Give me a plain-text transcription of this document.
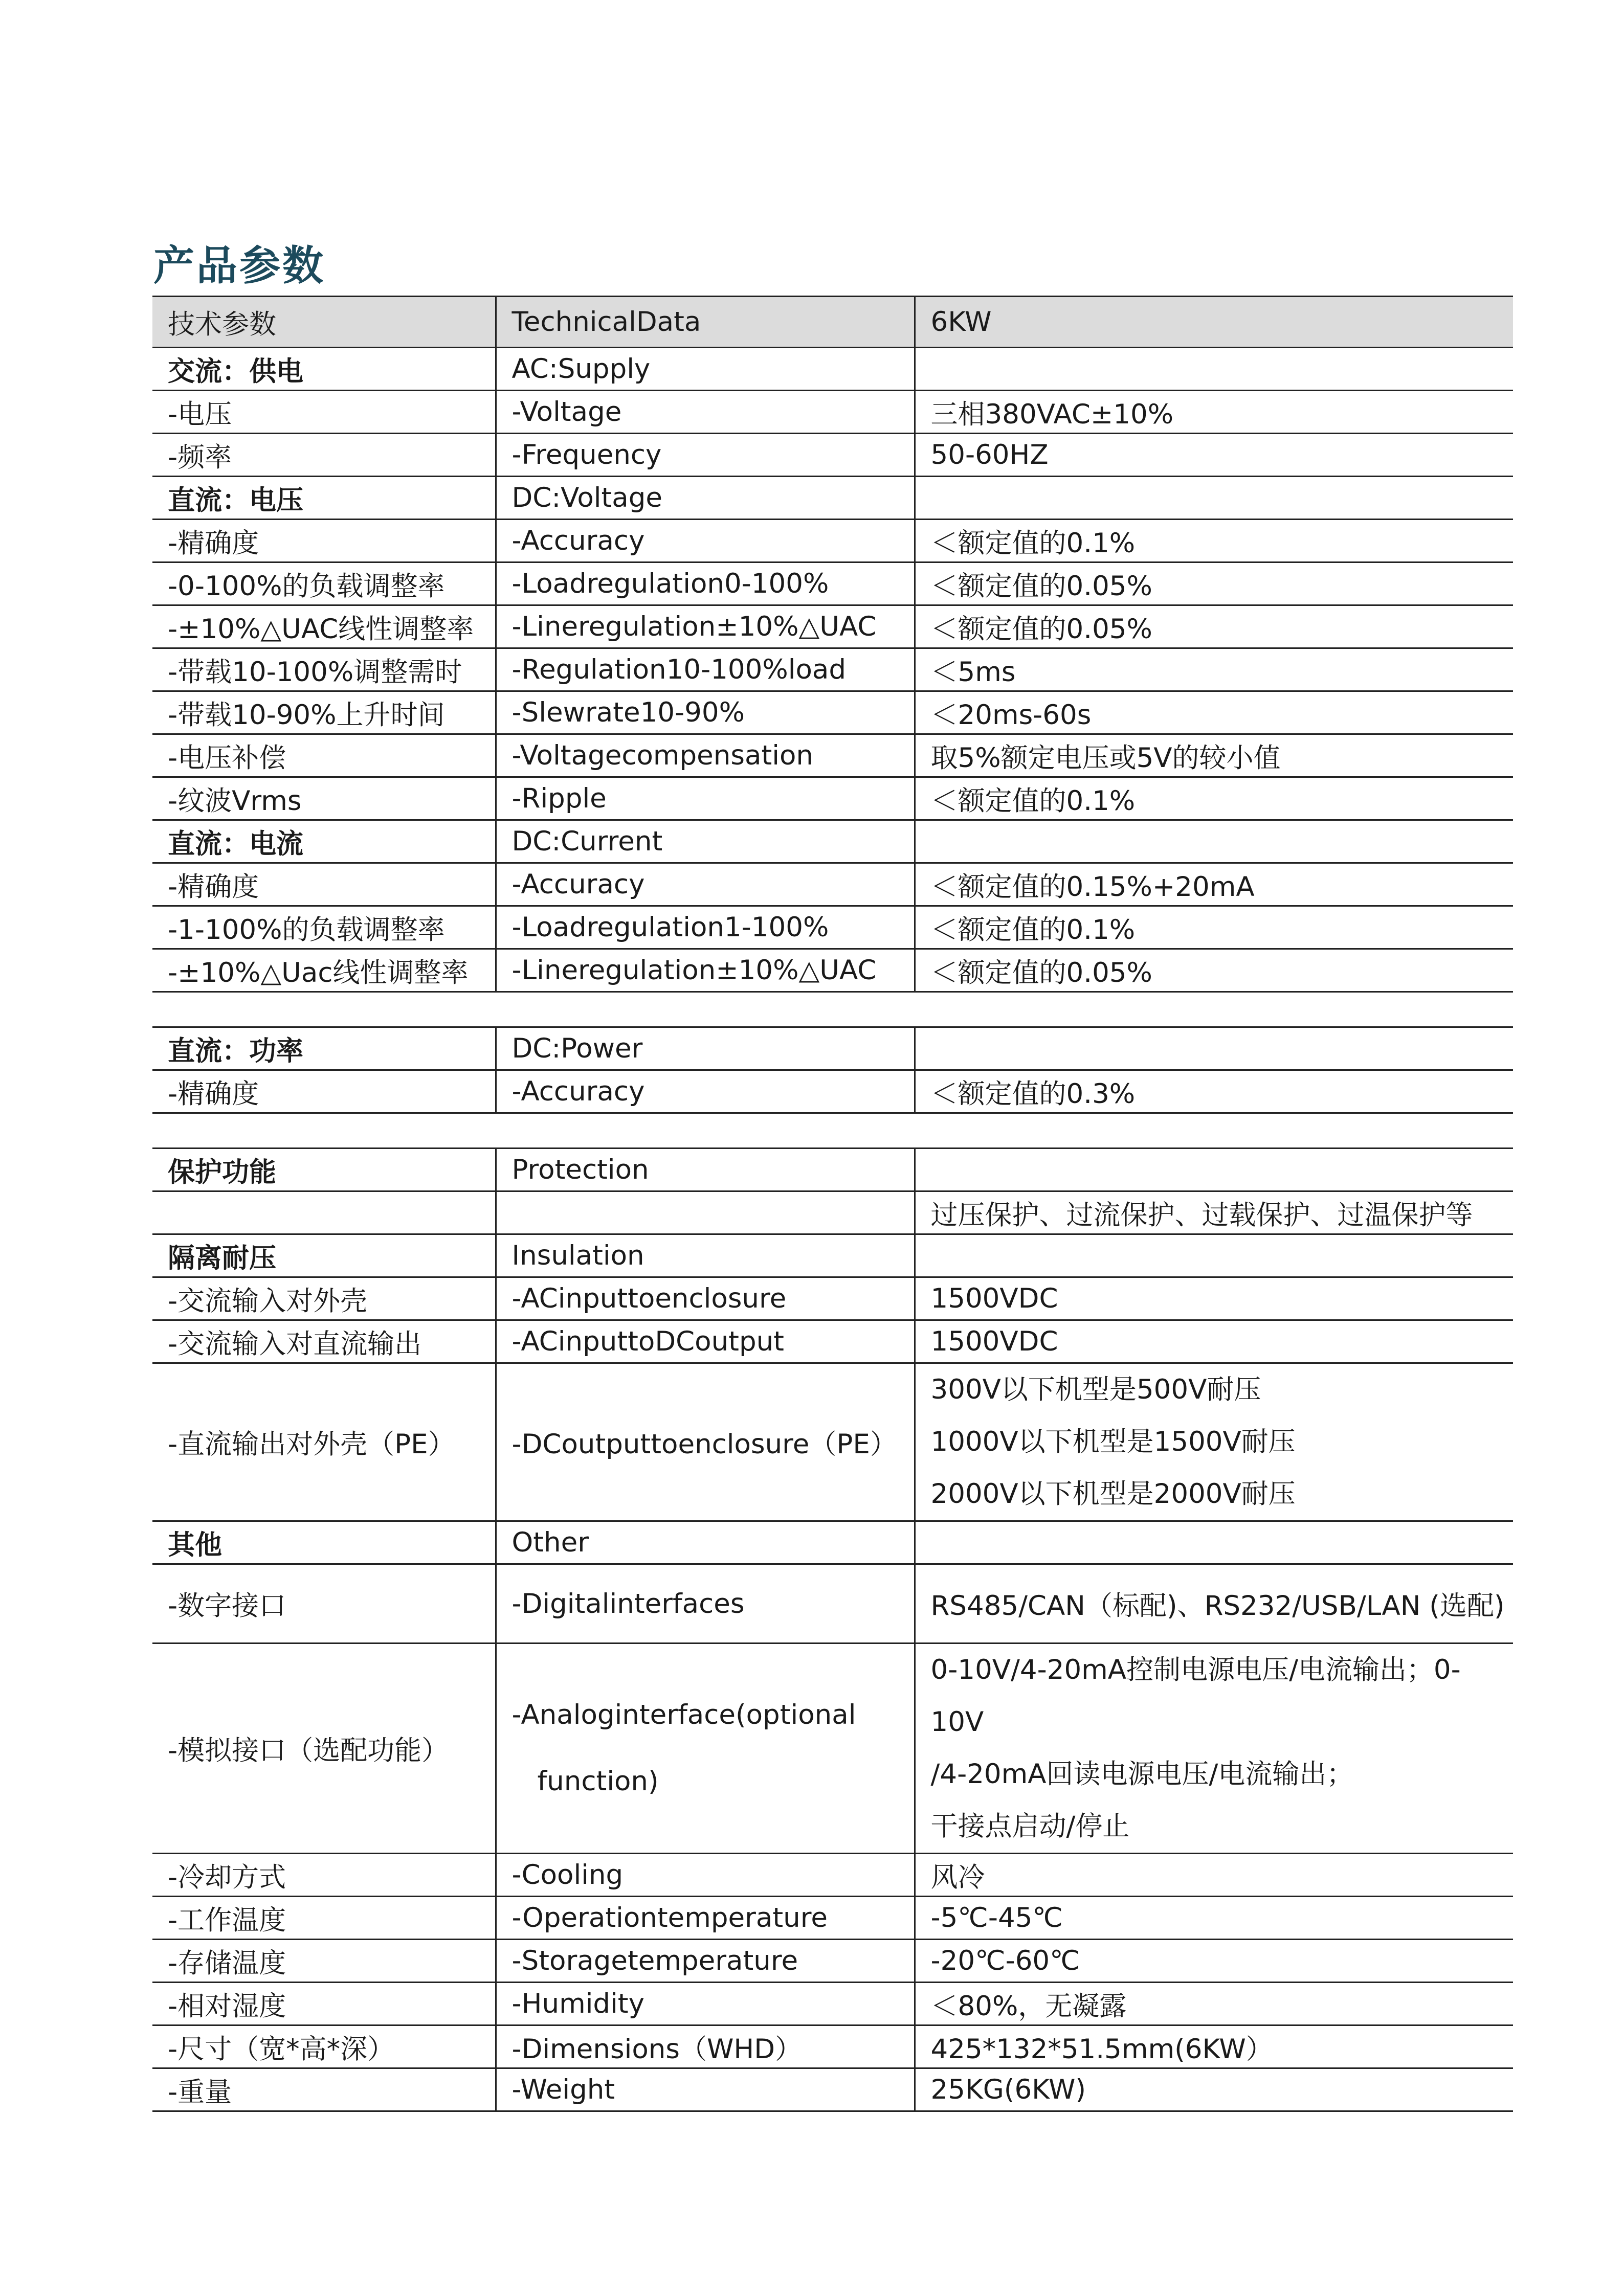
产品参数
技术参数	TechnicalData	6KW
交流：供电	AC:Supply	
-电压	-Voltage	三相380VAC±10%
-频率	-Frequency	50-60HZ
直流：电压	DC:Voltage	
-精确度	-Accuracy	＜额定值的0.1%
-0-100%的负载调整率	-Loadregulation0-100%	＜额定值的0.05%
-±10%△UAC线性调整率	-Lineregulation±10%△UAC	＜额定值的0.05%
-带载10-100%调整需时	-Regulation10-100%load	＜5ms
-带载10-90%上升时间	-Slewrate10-90%	＜20ms-60s
-电压补偿	-Voltagecompensation	取5%额定电压或5V的较小值
-纹波Vrms	-Ripple	＜额定值的0.1%
直流：电流	DC:Current	
-精确度	-Accuracy	＜额定值的0.15%+20mA
-1-100%的负载调整率	-Loadregulation1-100%	＜额定值的0.1%
-±10%△Uac线性调整率	-Lineregulation±10%△UAC	＜额定值的0.05%

直流：功率	DC:Power	
-精确度	-Accuracy	＜额定值的0.3%

保护功能	Protection	
		过压保护、过流保护、过载保护、过温保护等
隔离耐压	Insulation	
-交流输入对外壳	-ACinputtoenclosure	1500VDC
-交流输入对直流输出	-ACinputtoDCoutput	1500VDC
-直流输出对外壳（PE）	-DCoutputtoenclosure（PE）	300V以下机型是500V耐压
1000V以下机型是1500V耐压
2000V以下机型是2000V耐压

其他	Other	
-数字接口	-Digitalinterfaces	RS485/CAN（标配)、RS232/USB/LAN (选配)
-模拟接口（选配功能）	-Analoginterface(optional
function)	0-10V/4-20mA控制电源电压/电流输出；0-10V
/4-20mA回读电源电压/电流输出；
干接点启动/停止

-冷却方式	-Cooling	风冷
-工作温度	-Operationtemperature	-5℃-45℃
-存储温度	-Storagetemperature	-20℃-60℃
-相对湿度	-Humidity	＜80%，无凝露
-尺寸（宽*高*深）	-Dimensions（WHD）	425*132*51.5mm(6KW）
-重量	-Weight	25KG(6KW)
